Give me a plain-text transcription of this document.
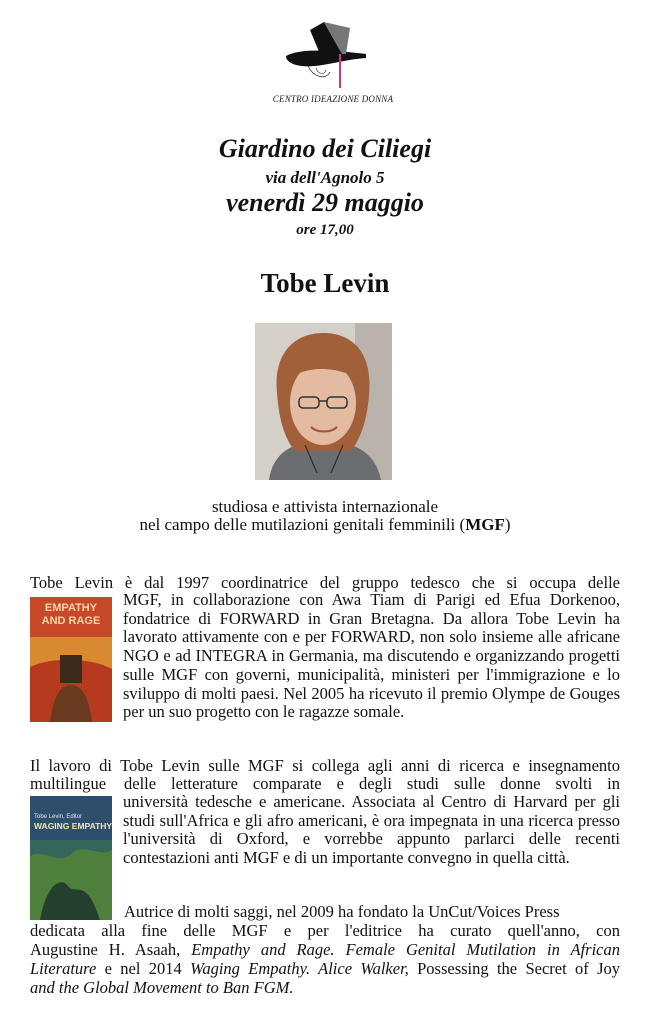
CENTRO IDEAZIONE DONNA
Giardino dei Ciliegi
via dell'Agnolo 5
venerdì 29 maggio
ore 17,00
Tobe Levin
studiosa e attivista internazionale
nel campo delle mutilazioni genitali femminili (MGF)
Tobe Levin è dal 1997 coordinatrice del gruppo tedesco che si occupa delle

MGF, in collaborazione con Awa Tiam di Parigi ed Efua Dorkenoo, fondatrice di FORWARD in Gran Bretagna. Da allora Tobe Levin ha lavorato attivamente con e per FORWARD, non solo insieme alle africane NGO e ad INTEGRA in Germania, ma discutendo e organizzando progetti sulle MGF con governi, municipalità, ministeri per l'immigrazione e lo sviluppo di molti paesi. Nel 2005 ha ricevuto il premio Olympe de Gouges per un suo progetto con le ragazze somale.

EMPATHY
AND RAGE
Il lavoro di Tobe Levin sulle MGF si collega agli anni di ricerca e insegnamento
multilingue delle letterature comparate e degli studi sulle donne svolti in

università tedesche e americane. Associata al Centro di Harvard per gli studi sull'Africa e gli afro americani, è ora impegnata in una ricerca presso l'università di Oxford, e vorrebbe appunto parlarci delle recenti contestazioni anti MGF e di un importante convegno in quella città.

Tobe Levin, Editor
WAGING EMPATHY
Autrice di molti saggi, nel 2009 ha fondato la UnCut/Voices Press
dedicata alla fine delle MGF e per l'editrice ha curato quell'anno, con
Augustine H. Asaah, Empathy and Rage. Female Genital Mutilation in African
Literature e nel 2014 Waging Empathy. Alice Walker, Possessing the Secret of Joy
and the Global Movement to Ban FGM.
